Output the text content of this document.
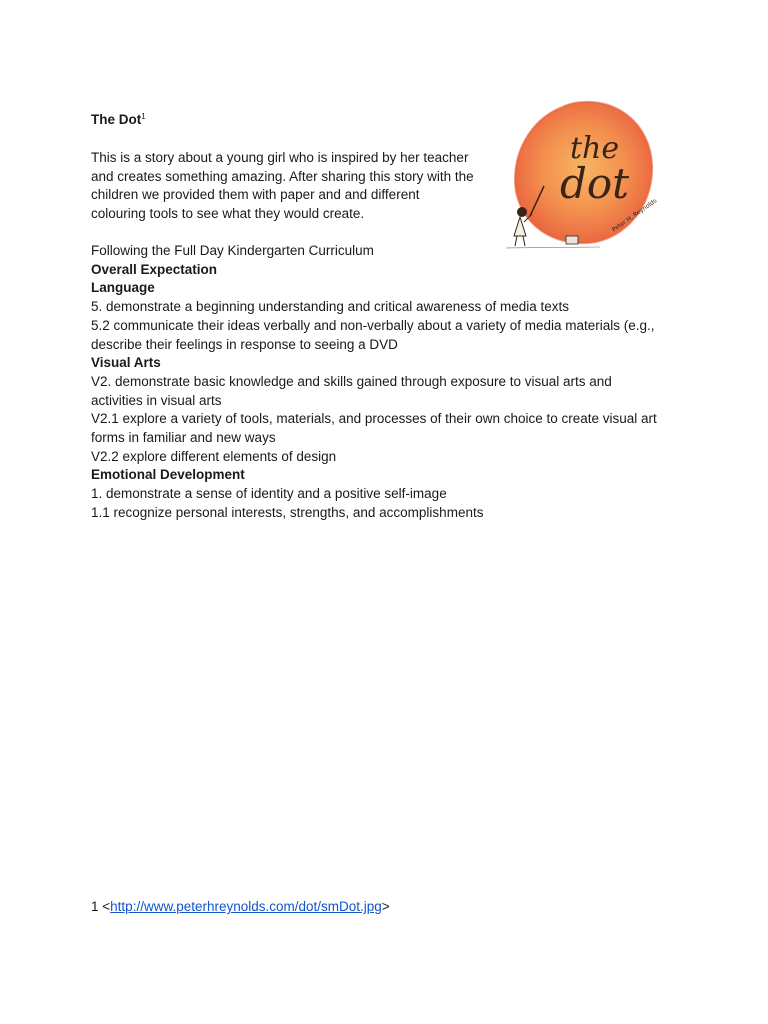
The Dot$^1$
This is a story about a young girl who is inspired by her teacher
and creates something amazing. After sharing this story with the
children we provided them with paper and and different
colouring tools to see what they would create.
the
dot
Peter H. Reynolds
Following the Full Day Kindergarten Curriculum
Overall Expectation
Language
5. demonstrate a beginning understanding and critical awareness of media texts
5.2 communicate their ideas verbally and non-verbally about a variety of media materials (e.g.,
describe their feelings in response to seeing a DVD
Visual Arts
V2. demonstrate basic knowledge and skills gained through exposure to visual arts and
activities in visual arts
V2.1 explore a variety of tools, materials, and processes of their own choice to create visual art
forms in familiar and new ways
V2.2 explore different elements of design
Emotional Development
1. demonstrate a sense of identity and a positive self-image
1.1 recognize personal interests, strengths, and accomplishments
1 <http://www.peterhreynolds.com/dot/smDot.jpg>
